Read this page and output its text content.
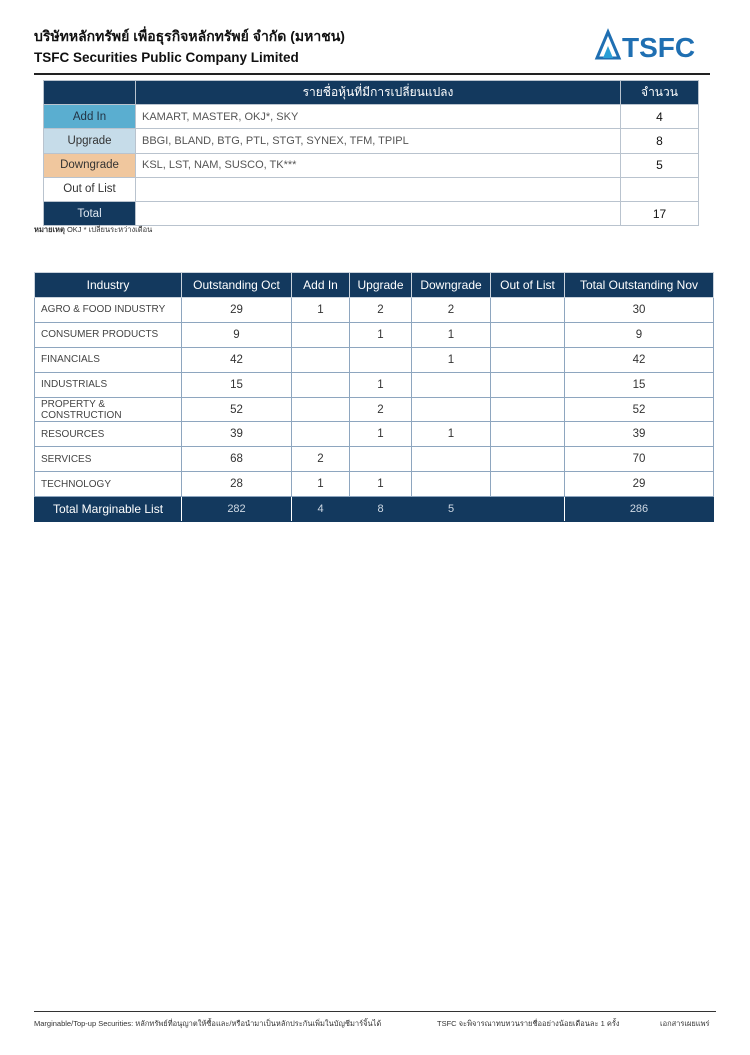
บริษัทหลักทรัพย์ เพื่อธุรกิจหลักทรัพย์ จำกัด (มหาชน)
TSFC Securities Public Company Limited	TSFC
	รายชื่อหุ้นที่มีการเปลี่ยนแปลง	จำนวน
Add In	KAMART, MASTER, OKJ*, SKY	4
Upgrade	BBGI, BLAND, BTG, PTL, STGT, SYNEX, TFM, TPIPL	8
Downgrade	KSL, LST, NAM, SUSCO, TK***	5
Out of List		
Total		17
หมายเหตุ OKJ * เปลี่ยนระหว่างเดือน
Industry	Outstanding Oct	Add In	Upgrade	Downgrade	Out of List	Total Outstanding Nov
AGRO & FOOD INDUSTRY	29	1	2	2		30
CONSUMER PRODUCTS	9		1	1		9
FINANCIALS	42			1		42
INDUSTRIALS	15		1			15
PROPERTY & CONSTRUCTION	52		2			52
RESOURCES	39		1	1		39
SERVICES	68	2				70
TECHNOLOGY	28	1	1			29
Total Marginable List	282	4	8	5		286
Marginable/Top-up Securities: หลักทรัพย์ที่อนุญาตให้ซื้อและ/หรือนำมาเป็นหลักประกันเพิ่มในบัญชีมาร์จิ้นได้	TSFC จะพิจารณาทบทวนรายชื่ออย่างน้อยเดือนละ 1 ครั้ง	เอกสารเผยแพร่
